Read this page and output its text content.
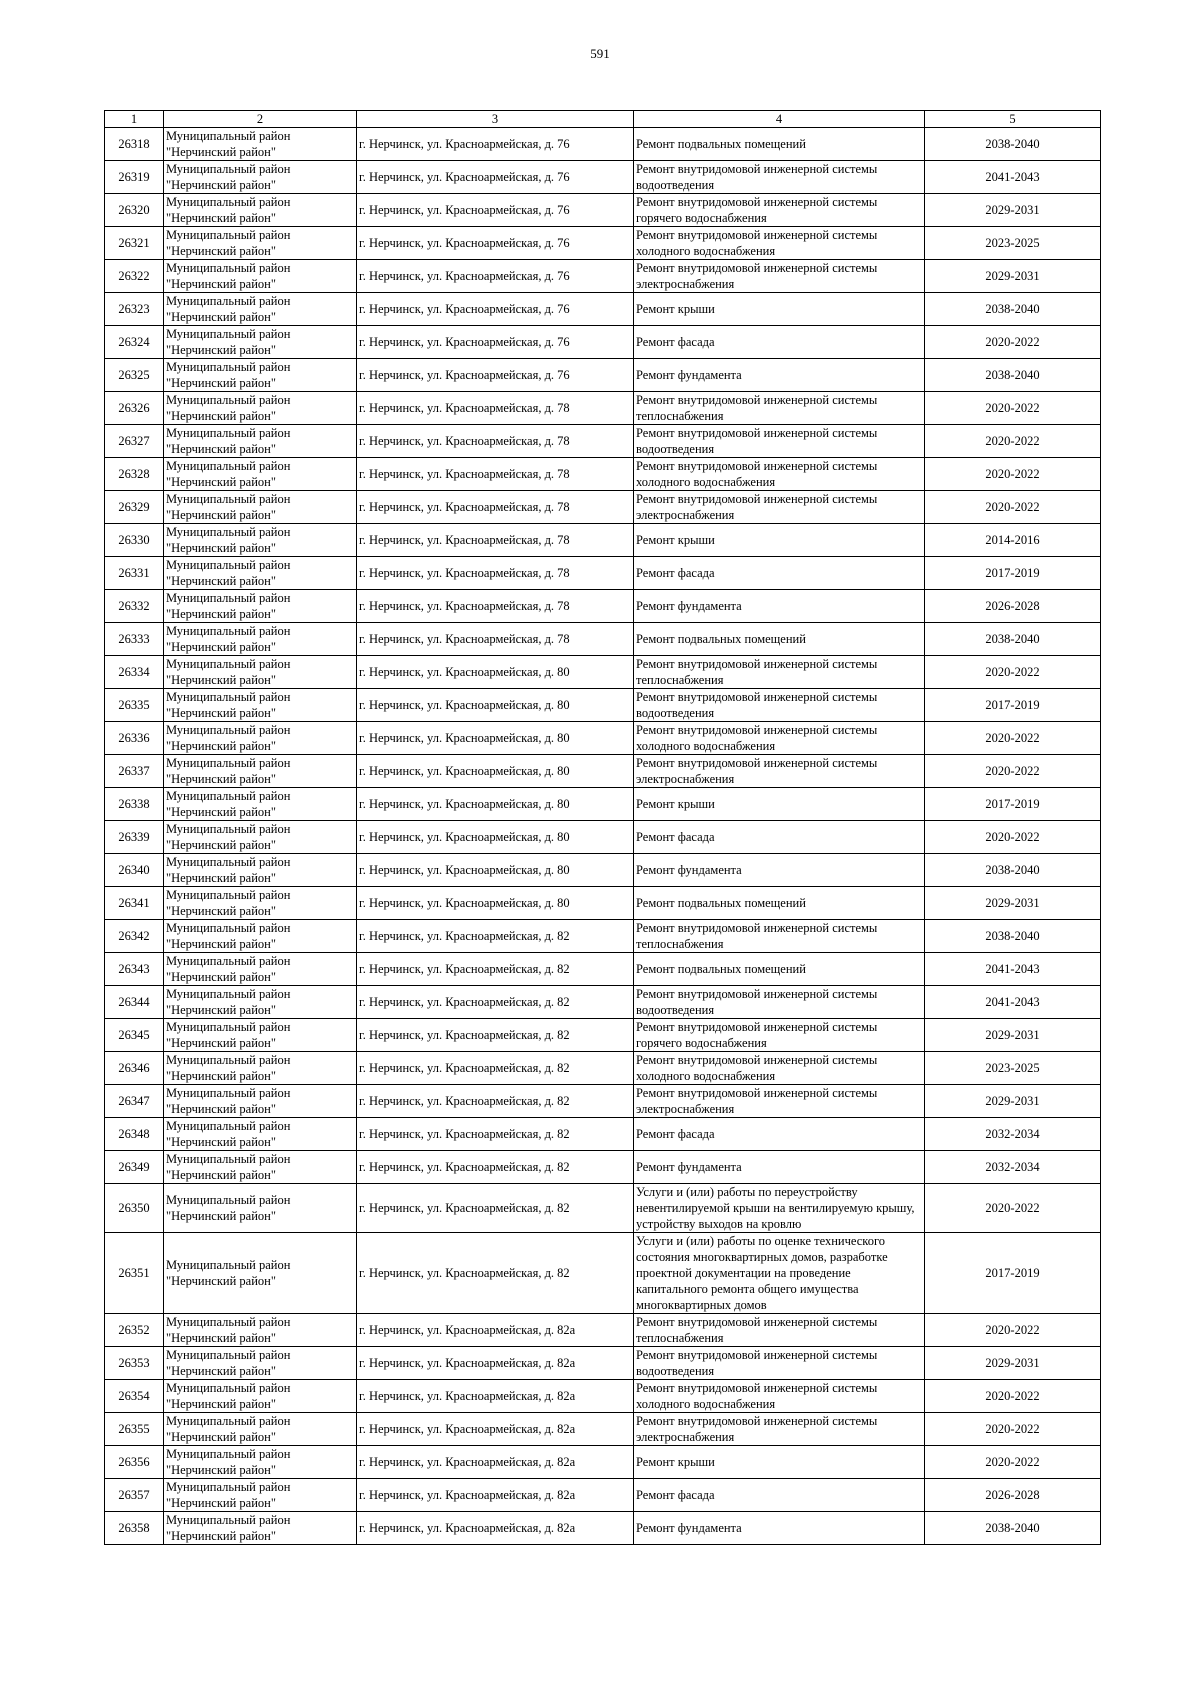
591
1	2	3	4	5
26318	Муниципальный район "Нерчинский район"	г. Нерчинск, ул. Красноармейская, д. 76	Ремонт подвальных помещений	2038-2040
26319	Муниципальный район "Нерчинский район"	г. Нерчинск, ул. Красноармейская, д. 76	Ремонт внутридомовой инженерной системы водоотведения	2041-2043
26320	Муниципальный район "Нерчинский район"	г. Нерчинск, ул. Красноармейская, д. 76	Ремонт внутридомовой инженерной системы горячего водоснабжения	2029-2031
26321	Муниципальный район "Нерчинский район"	г. Нерчинск, ул. Красноармейская, д. 76	Ремонт внутридомовой инженерной системы холодного водоснабжения	2023-2025
26322	Муниципальный район "Нерчинский район"	г. Нерчинск, ул. Красноармейская, д. 76	Ремонт внутридомовой инженерной системы электроснабжения	2029-2031
26323	Муниципальный район "Нерчинский район"	г. Нерчинск, ул. Красноармейская, д. 76	Ремонт крыши	2038-2040
26324	Муниципальный район "Нерчинский район"	г. Нерчинск, ул. Красноармейская, д. 76	Ремонт фасада	2020-2022
26325	Муниципальный район "Нерчинский район"	г. Нерчинск, ул. Красноармейская, д. 76	Ремонт фундамента	2038-2040
26326	Муниципальный район "Нерчинский район"	г. Нерчинск, ул. Красноармейская, д. 78	Ремонт внутридомовой инженерной системы теплоснабжения	2020-2022
26327	Муниципальный район "Нерчинский район"	г. Нерчинск, ул. Красноармейская, д. 78	Ремонт внутридомовой инженерной системы водоотведения	2020-2022
26328	Муниципальный район "Нерчинский район"	г. Нерчинск, ул. Красноармейская, д. 78	Ремонт внутридомовой инженерной системы холодного водоснабжения	2020-2022
26329	Муниципальный район "Нерчинский район"	г. Нерчинск, ул. Красноармейская, д. 78	Ремонт внутридомовой инженерной системы электроснабжения	2020-2022
26330	Муниципальный район "Нерчинский район"	г. Нерчинск, ул. Красноармейская, д. 78	Ремонт крыши	2014-2016
26331	Муниципальный район "Нерчинский район"	г. Нерчинск, ул. Красноармейская, д. 78	Ремонт фасада	2017-2019
26332	Муниципальный район "Нерчинский район"	г. Нерчинск, ул. Красноармейская, д. 78	Ремонт фундамента	2026-2028
26333	Муниципальный район "Нерчинский район"	г. Нерчинск, ул. Красноармейская, д. 78	Ремонт подвальных помещений	2038-2040
26334	Муниципальный район "Нерчинский район"	г. Нерчинск, ул. Красноармейская, д. 80	Ремонт внутридомовой инженерной системы теплоснабжения	2020-2022
26335	Муниципальный район "Нерчинский район"	г. Нерчинск, ул. Красноармейская, д. 80	Ремонт внутридомовой инженерной системы водоотведения	2017-2019
26336	Муниципальный район "Нерчинский район"	г. Нерчинск, ул. Красноармейская, д. 80	Ремонт внутридомовой инженерной системы холодного водоснабжения	2020-2022
26337	Муниципальный район "Нерчинский район"	г. Нерчинск, ул. Красноармейская, д. 80	Ремонт внутридомовой инженерной системы электроснабжения	2020-2022
26338	Муниципальный район "Нерчинский район"	г. Нерчинск, ул. Красноармейская, д. 80	Ремонт крыши	2017-2019
26339	Муниципальный район "Нерчинский район"	г. Нерчинск, ул. Красноармейская, д. 80	Ремонт фасада	2020-2022
26340	Муниципальный район "Нерчинский район"	г. Нерчинск, ул. Красноармейская, д. 80	Ремонт фундамента	2038-2040
26341	Муниципальный район "Нерчинский район"	г. Нерчинск, ул. Красноармейская, д. 80	Ремонт подвальных помещений	2029-2031
26342	Муниципальный район "Нерчинский район"	г. Нерчинск, ул. Красноармейская, д. 82	Ремонт внутридомовой инженерной системы теплоснабжения	2038-2040
26343	Муниципальный район "Нерчинский район"	г. Нерчинск, ул. Красноармейская, д. 82	Ремонт подвальных помещений	2041-2043
26344	Муниципальный район "Нерчинский район"	г. Нерчинск, ул. Красноармейская, д. 82	Ремонт внутридомовой инженерной системы водоотведения	2041-2043
26345	Муниципальный район "Нерчинский район"	г. Нерчинск, ул. Красноармейская, д. 82	Ремонт внутридомовой инженерной системы горячего водоснабжения	2029-2031
26346	Муниципальный район "Нерчинский район"	г. Нерчинск, ул. Красноармейская, д. 82	Ремонт внутридомовой инженерной системы холодного водоснабжения	2023-2025
26347	Муниципальный район "Нерчинский район"	г. Нерчинск, ул. Красноармейская, д. 82	Ремонт внутридомовой инженерной системы электроснабжения	2029-2031
26348	Муниципальный район "Нерчинский район"	г. Нерчинск, ул. Красноармейская, д. 82	Ремонт фасада	2032-2034
26349	Муниципальный район "Нерчинский район"	г. Нерчинск, ул. Красноармейская, д. 82	Ремонт фундамента	2032-2034
26350	Муниципальный район "Нерчинский район"	г. Нерчинск, ул. Красноармейская, д. 82	Услуги и (или) работы по переустройству невентилируемой крыши на вентилируемую крышу, устройству выходов на кровлю	2020-2022
26351	Муниципальный район "Нерчинский район"	г. Нерчинск, ул. Красноармейская, д. 82	Услуги и (или) работы по оценке технического состояния многоквартирных домов, разработке проектной документации на проведение капитального ремонта общего имущества многоквартирных домов	2017-2019
26352	Муниципальный район "Нерчинский район"	г. Нерчинск, ул. Красноармейская, д. 82а	Ремонт внутридомовой инженерной системы теплоснабжения	2020-2022
26353	Муниципальный район "Нерчинский район"	г. Нерчинск, ул. Красноармейская, д. 82а	Ремонт внутридомовой инженерной системы водоотведения	2029-2031
26354	Муниципальный район "Нерчинский район"	г. Нерчинск, ул. Красноармейская, д. 82а	Ремонт внутридомовой инженерной системы холодного водоснабжения	2020-2022
26355	Муниципальный район "Нерчинский район"	г. Нерчинск, ул. Красноармейская, д. 82а	Ремонт внутридомовой инженерной системы электроснабжения	2020-2022
26356	Муниципальный район "Нерчинский район"	г. Нерчинск, ул. Красноармейская, д. 82а	Ремонт крыши	2020-2022
26357	Муниципальный район "Нерчинский район"	г. Нерчинск, ул. Красноармейская, д. 82а	Ремонт фасада	2026-2028
26358	Муниципальный район "Нерчинский район"	г. Нерчинск, ул. Красноармейская, д. 82а	Ремонт фундамента	2038-2040
